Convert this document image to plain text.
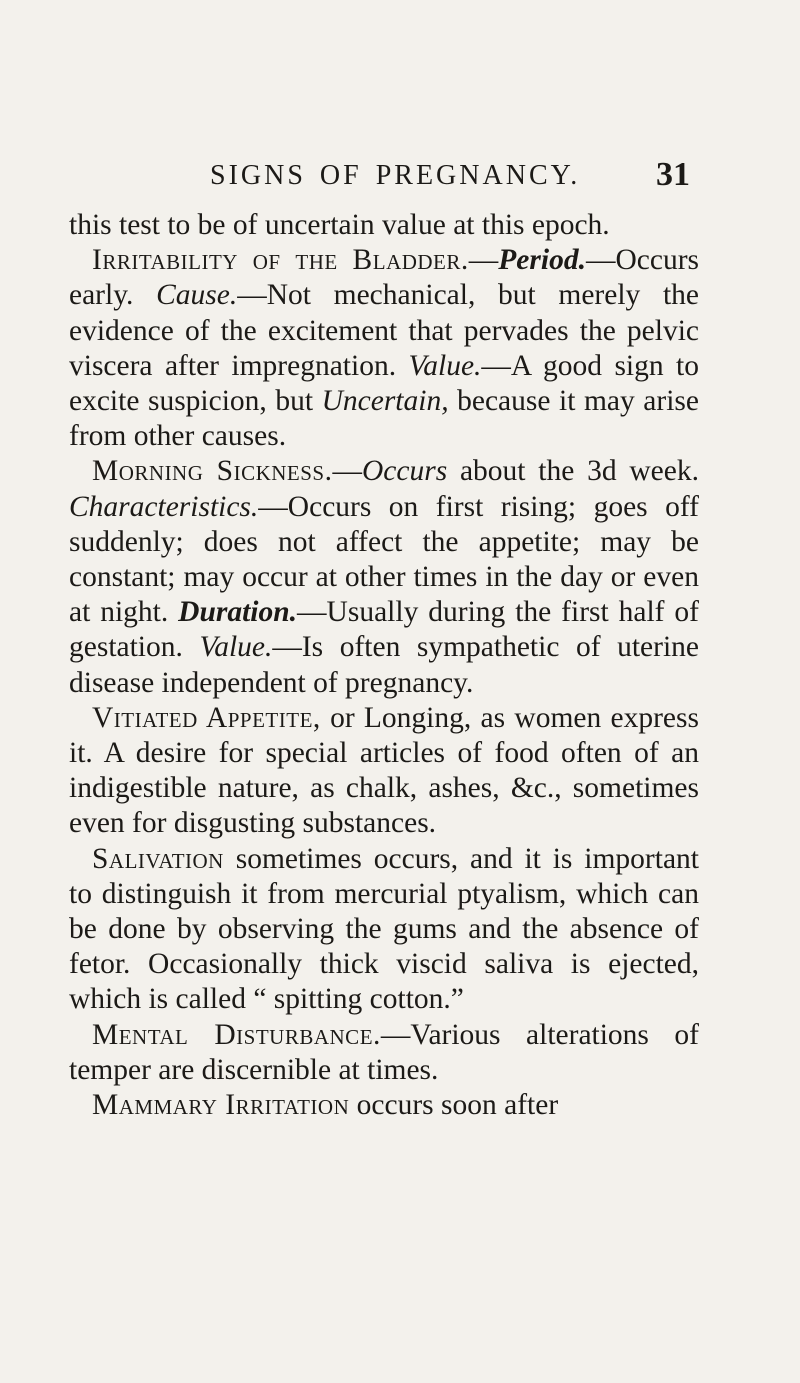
SIGNS OF PREGNANCY. 31

this test to be of uncertain value at this epoch.

Irritability of the Bladder.—Period.—Occurs early. Cause.—Not mechanical, but merely the evidence of the excitement that pervades the pelvic viscera after impregnation. Value.—A good sign to excite suspicion, but Uncertain, because it may arise from other causes.

Morning Sickness.—Occurs about the 3d week. Characteristics.—Occurs on first rising; goes off suddenly; does not affect the appetite; may be constant; may occur at other times in the day or even at night. Duration.—Usually during the first half of gestation. Value.—Is often sympathetic of uterine disease independent of pregnancy.

Vitiated Appetite, or Longing, as women express it. A desire for special articles of food often of an indigestible nature, as chalk, ashes, &c., sometimes even for disgusting substances.

Salivation sometimes occurs, and it is important to distinguish it from mercurial ptyalism, which can be done by observing the gums and the absence of fetor. Occasionally thick viscid saliva is ejected, which is called “ spitting cotton.”

Mental Disturbance.—Various alterations of temper are discernible at times.

Mammary Irritation occurs soon after
